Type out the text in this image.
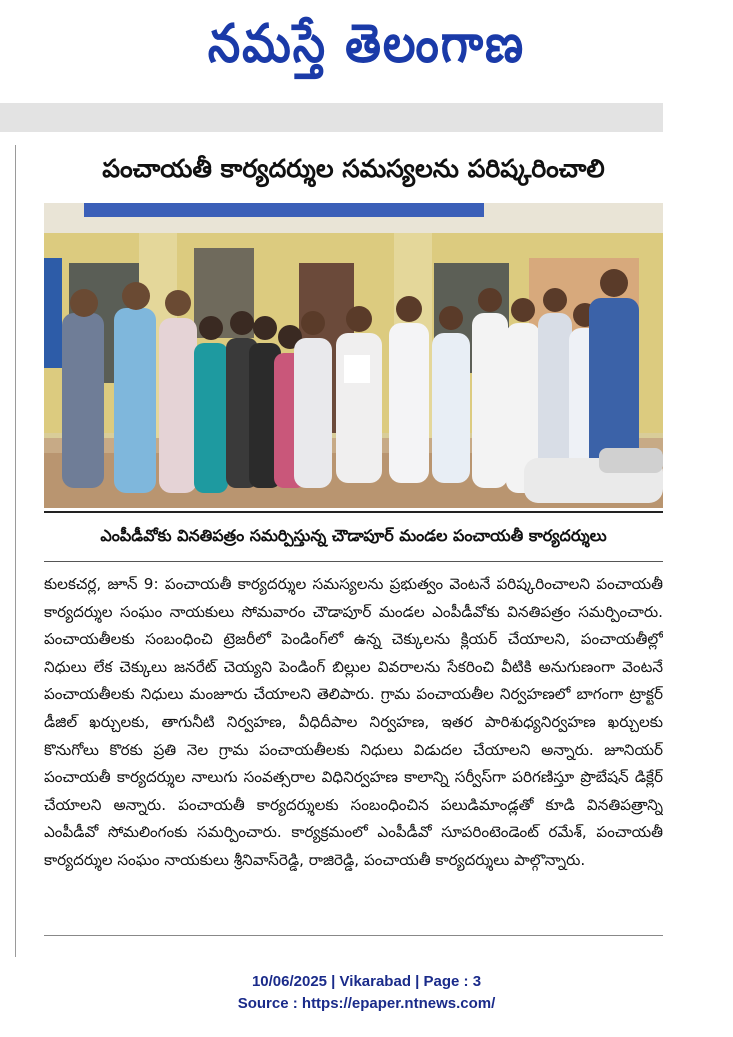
నమస్తే తెలంగాణ
పంచాయతీ కార్యదర్శుల సమస్యలను పరిష్కరించాలి
ఎంపీడీవోకు వినతిపత్రం సమర్పిస్తున్న చౌడాపూర్ మండల పంచాయతీ కార్యదర్శులు
కులకచర్ల, జూన్ 9: పంచాయతీ కార్యదర్శుల సమస్యలను ప్రభుత్వం వెంటనే పరిష్కరించాలని పంచాయతీ కార్యదర్శుల సంఘం నాయకులు సోమవారం చౌడాపూర్ మండల ఎంపీడీవోకు వినతిపత్రం సమర్పించారు. పంచాయతీలకు సంబంధించి ట్రెజరీలో పెండింగ్‌లో ఉన్న చెక్కులను క్లియర్ చేయాలని, పంచాయతీల్లో నిధులు లేక చెక్కులు జనరేట్ చెయ్యని పెండింగ్ బిల్లుల వివరాలను సేకరించి వీటికి అనుగుణంగా వెంటనే పంచాయతీలకు నిధులు మంజూరు చేయాలని తెలిపారు. గ్రామ పంచాయతీల నిర్వహణలో బాగంగా ట్రాక్టర్ డీజిల్ ఖర్చులకు, తాగునీటి నిర్వహణ, వీధిదీపాల నిర్వహణ, ఇతర పారిశుధ్యనిర్వహణ ఖర్చులకు కొనుగోలు కొరకు ప్రతి నెల గ్రామ పంచాయతీలకు నిధులు విడుదల చేయాలని అన్నారు. జూనియర్ పంచాయతీ కార్యదర్శుల నాలుగు సంవత్సరాల విధినిర్వహణ కాలాన్ని సర్వీస్‌గా పరిగణిస్తూ ప్రొబేషన్ డిక్లేర్ చేయాలని అన్నారు. పంచాయతీ కార్యదర్శులకు సంబంధించిన పలుడిమాండ్లతో కూడి వినతిపత్రాన్ని ఎంపీడీవో సోమలింగంకు సమర్పించారు. కార్యక్రమంలో ఎంపీడీవో సూపరింటెండెంట్ రమేశ్, పంచాయతీ కార్యదర్శుల సంఘం నాయకులు శ్రీనివాస్‌రెడ్డి, రాజిరెడ్డి, పంచాయతీ కార్యదర్శులు పాల్గొన్నారు.
10/06/2025 | Vikarabad | Page : 3
Source : https://epaper.ntnews.com/
